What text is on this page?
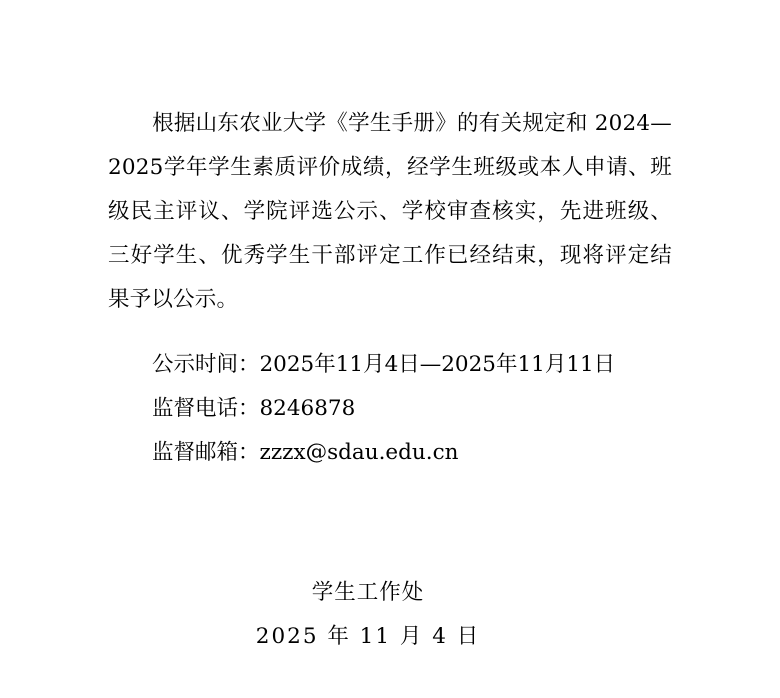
根据山东农业大学《学生手册》的有关规定和 2024—2025学年学生素质评价成绩，经学生班级或本人申请、班级民主评议、学院评选公示、学校审查核实，先进班级、三好学生、优秀学生干部评定工作已经结束，现将评定结果予以公示。

公示时间：2025年11月4日—2025年11月11日
监督电话：8246878
监督邮箱：zzzx@sdau.edu.cn
学生工作处
2025 年 11 月 4 日
